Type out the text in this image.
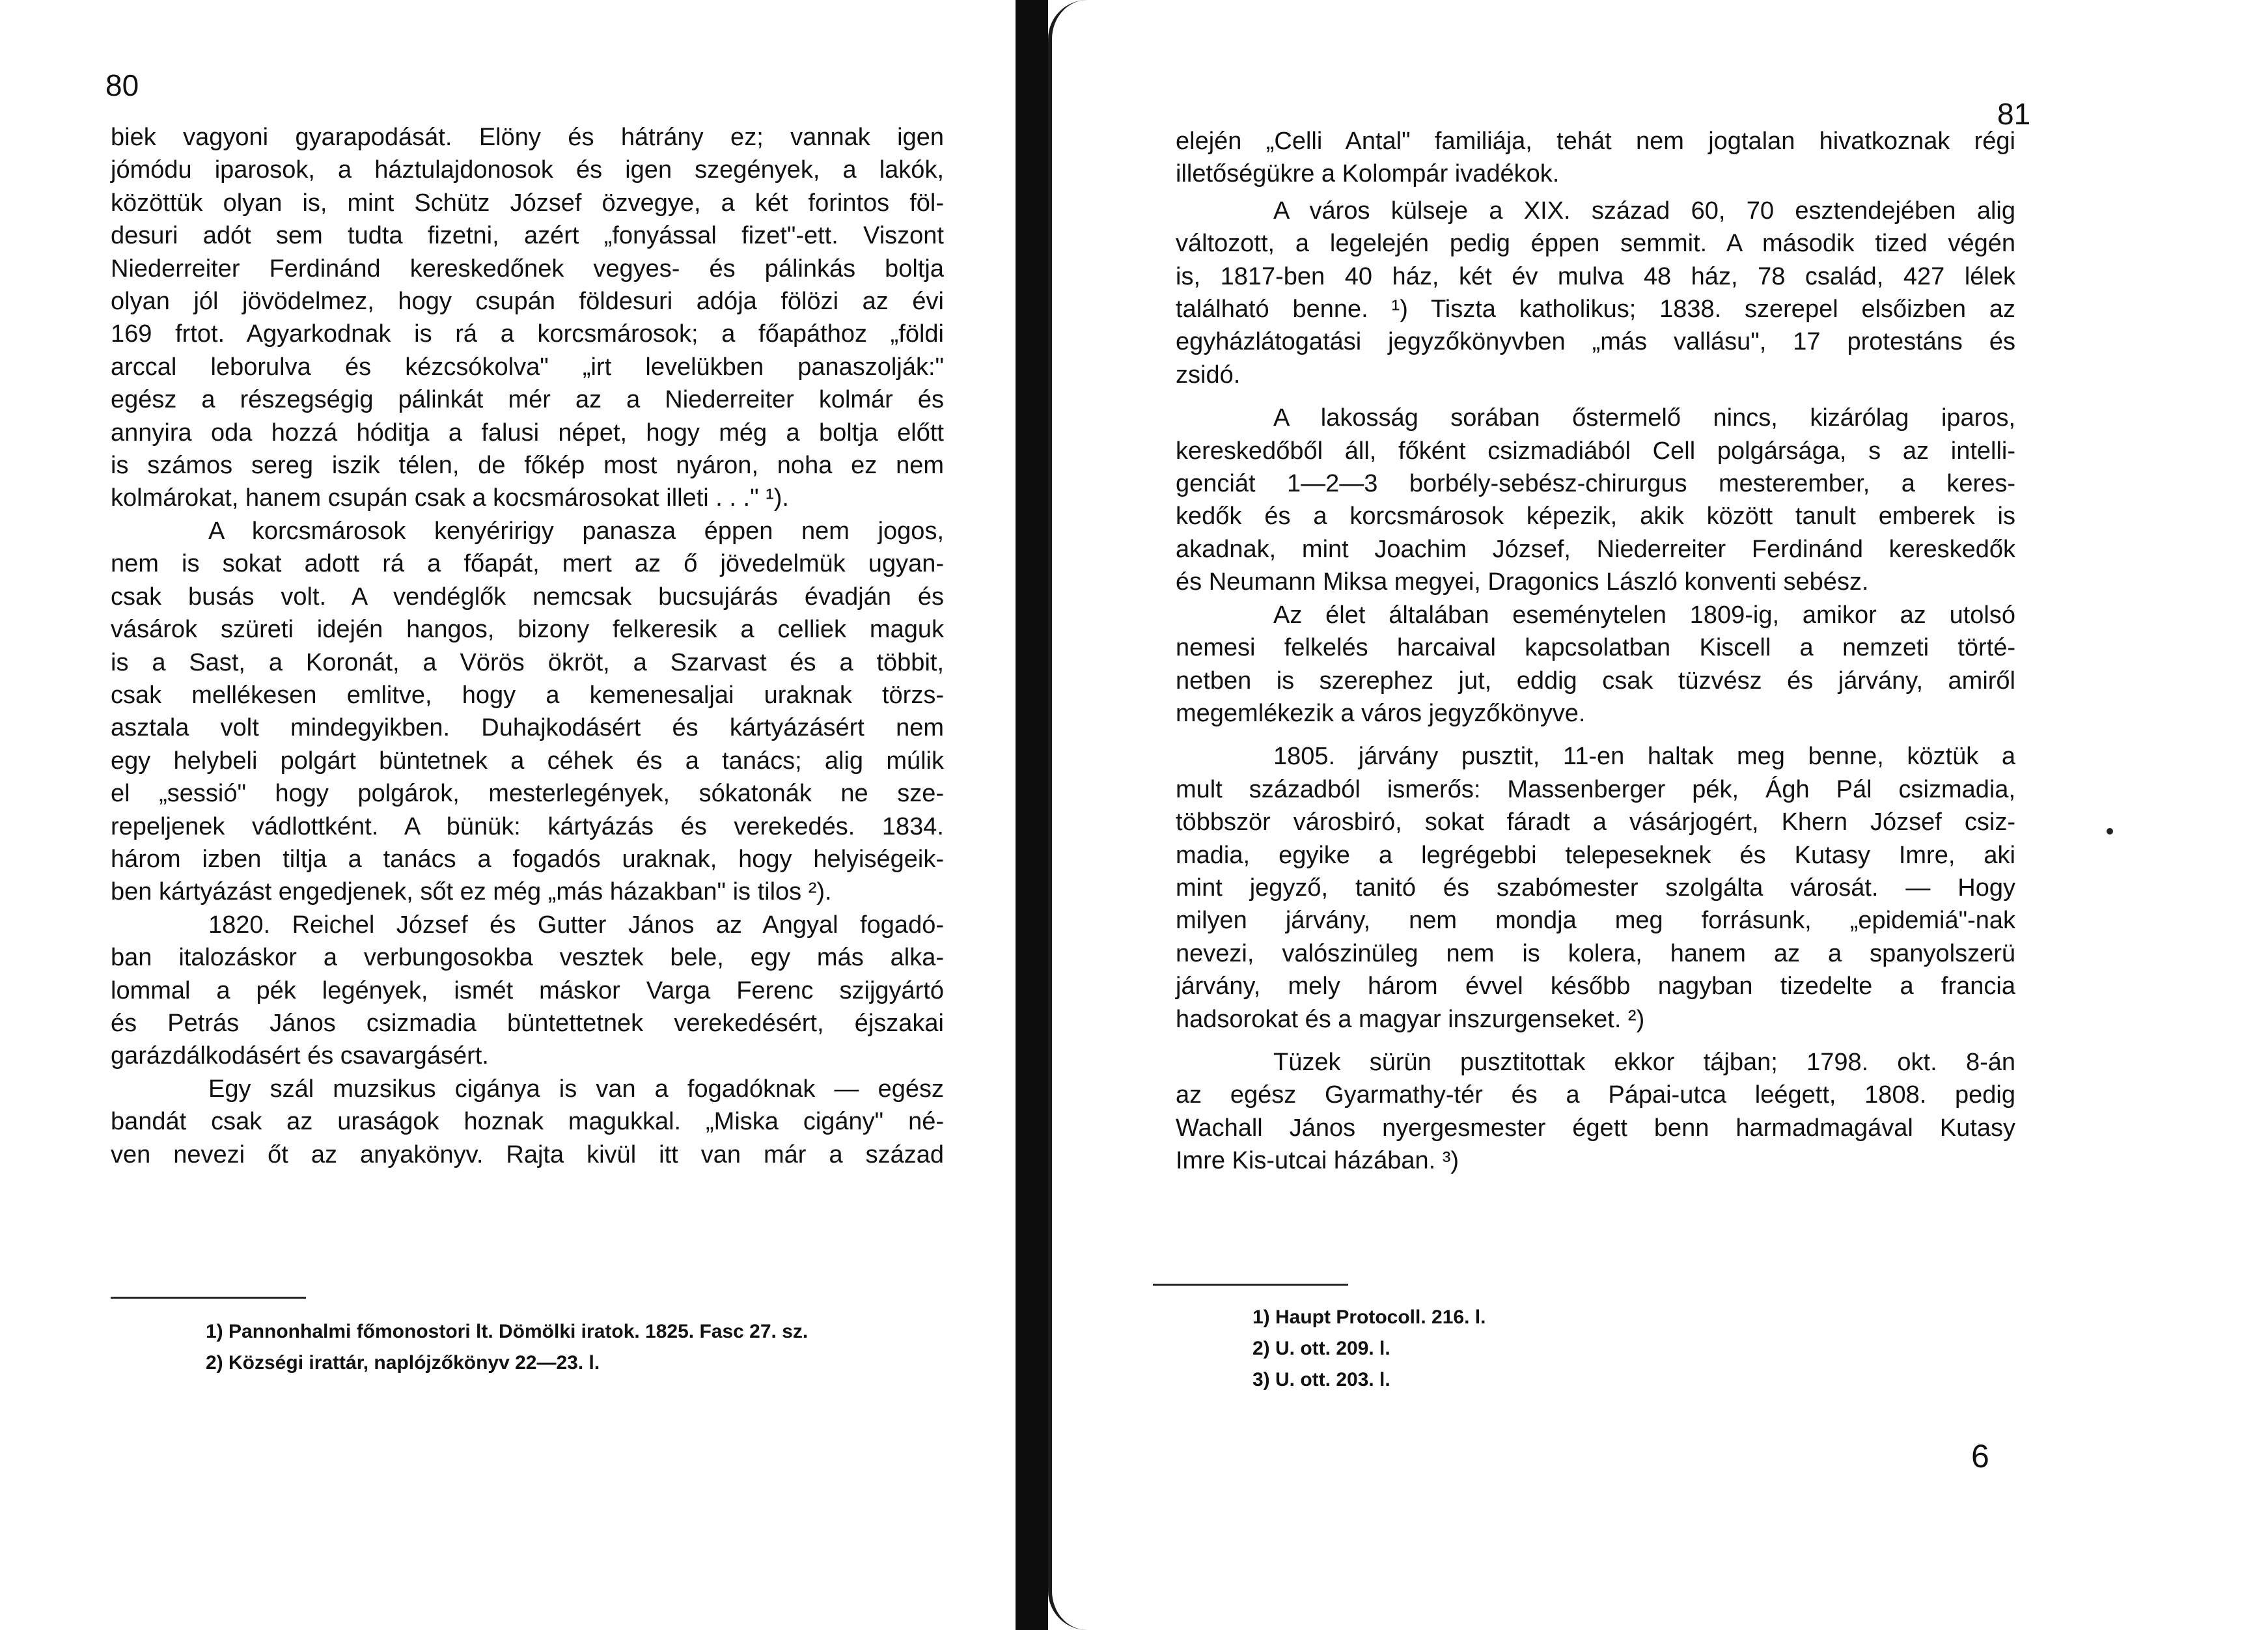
80
biek vagyoni gyarapodását. Elöny és hátrány ez; vannak igen
jómódu iparosok, a háztulajdonosok és igen szegények, a lakók,
közöttük olyan is, mint Schütz József özvegye, a két forintos föl-
desuri adót sem tudta fizetni, azért „fonyással fizet"-ett. Viszont
Niederreiter Ferdinánd kereskedőnek vegyes- és pálinkás boltja
olyan jól jövödelmez, hogy csupán földesuri adója fölözi az évi
169 frtot. Agyarkodnak is rá a korcsmárosok; a főapáthoz „földi
arccal leborulva és kézcsókolva" „irt levelükben panaszolják:"
egész a részegségig pálinkát mér az a Niederreiter kolmár és
annyira oda hozzá hóditja a falusi népet, hogy még a boltja előtt
is számos sereg iszik télen, de főkép most nyáron, noha ez nem
kolmárokat, hanem csupán csak a kocsmárosokat illeti . . ." ¹).
A korcsmárosok kenyéririgy panasza éppen nem jogos,
nem is sokat adott rá a főapát, mert az ő jövedelmük ugyan-
csak busás volt. A vendéglők nemcsak bucsujárás évadján és
vásárok szüreti idején hangos, bizony felkeresik a celliek maguk
is a Sast, a Koronát, a Vörös ökröt, a Szarvast és a többit,
csak mellékesen emlitve, hogy a kemenesaljai uraknak törzs-
asztala volt mindegyikben. Duhajkodásért és kártyázásért nem
egy helybeli polgárt büntetnek a céhek és a tanács; alig múlik
el „sessió" hogy polgárok, mesterlegények, sókatonák ne sze-
repeljenek vádlottként. A bünük: kártyázás és verekedés. 1834.
három izben tiltja a tanács a fogadós uraknak, hogy helyiségeik-
ben kártyázást engedjenek, sőt ez még „más házakban" is tilos ²).
1820. Reichel József és Gutter János az Angyal fogadó-
ban italozáskor a verbungosokba vesztek bele, egy más alka-
lommal a pék legények, ismét máskor Varga Ferenc szijgyártó
és Petrás János csizmadia büntettetnek verekedésért, éjszakai
garázdálkodásért és csavargásért.
Egy szál muzsikus cigánya is van a fogadóknak — egész
bandát csak az uraságok hoznak magukkal. „Miska cigány" né-
ven nevezi őt az anyakönyv. Rajta kivül itt van már a század
1) Pannonhalmi főmonostori lt. Dömölki iratok. 1825. Fasc 27. sz.
2) Községi irattár, naplójzőkönyv 22—23. l.
81
elején „Celli Antal" familiája, tehát nem jogtalan hivatkoznak régi
illetőségükre a Kolompár ivadékok.
A város külseje a XIX. század 60, 70 esztendejében alig
változott, a legelején pedig éppen semmit. A második tized végén
is, 1817-ben 40 ház, két év mulva 48 ház, 78 család, 427 lélek
található benne. ¹) Tiszta katholikus; 1838. szerepel elsőizben az
egyházlátogatási jegyzőkönyvben „más vallásu", 17 protestáns és
zsidó.
A lakosság sorában őstermelő nincs, kizárólag iparos,
kereskedőből áll, főként csizmadiából Cell polgársága, s az intelli-
genciát 1—2—3 borbély-sebész-chirurgus mesterember, a keres-
kedők és a korcsmárosok képezik, akik között tanult emberek is
akadnak, mint Joachim József, Niederreiter Ferdinánd kereskedők
és Neumann Miksa megyei, Dragonics László konventi sebész.
Az élet általában eseménytelen 1809-ig, amikor az utolsó
nemesi felkelés harcaival kapcsolatban Kiscell a nemzeti törté-
netben is szerephez jut, eddig csak tüzvész és járvány, amiről
megemlékezik a város jegyzőkönyve.
1805. járvány pusztit, 11-en haltak meg benne, köztük a
mult századból ismerős: Massenberger pék, Ágh Pál csizmadia,
többször városbiró, sokat fáradt a vásárjogért, Khern József csiz-
madia, egyike a legrégebbi telepeseknek és Kutasy Imre, aki
mint jegyző, tanitó és szabómester szolgálta városát. — Hogy
milyen járvány, nem mondja meg forrásunk, „epidemiá"-nak
nevezi, valószinüleg nem is kolera, hanem az a spanyolszerü
járvány, mely három évvel később nagyban tizedelte a francia
hadsorokat és a magyar inszurgenseket. ²)
Tüzek sürün pusztitottak ekkor tájban; 1798. okt. 8-án
az egész Gyarmathy-tér és a Pápai-utca leégett, 1808. pedig
Wachall János nyergesmester égett benn harmadmagával Kutasy
Imre Kis-utcai házában. ³)
1) Haupt Protocoll. 216. l.
2) U. ott. 209. l.
3) U. ott. 203. l.
6
